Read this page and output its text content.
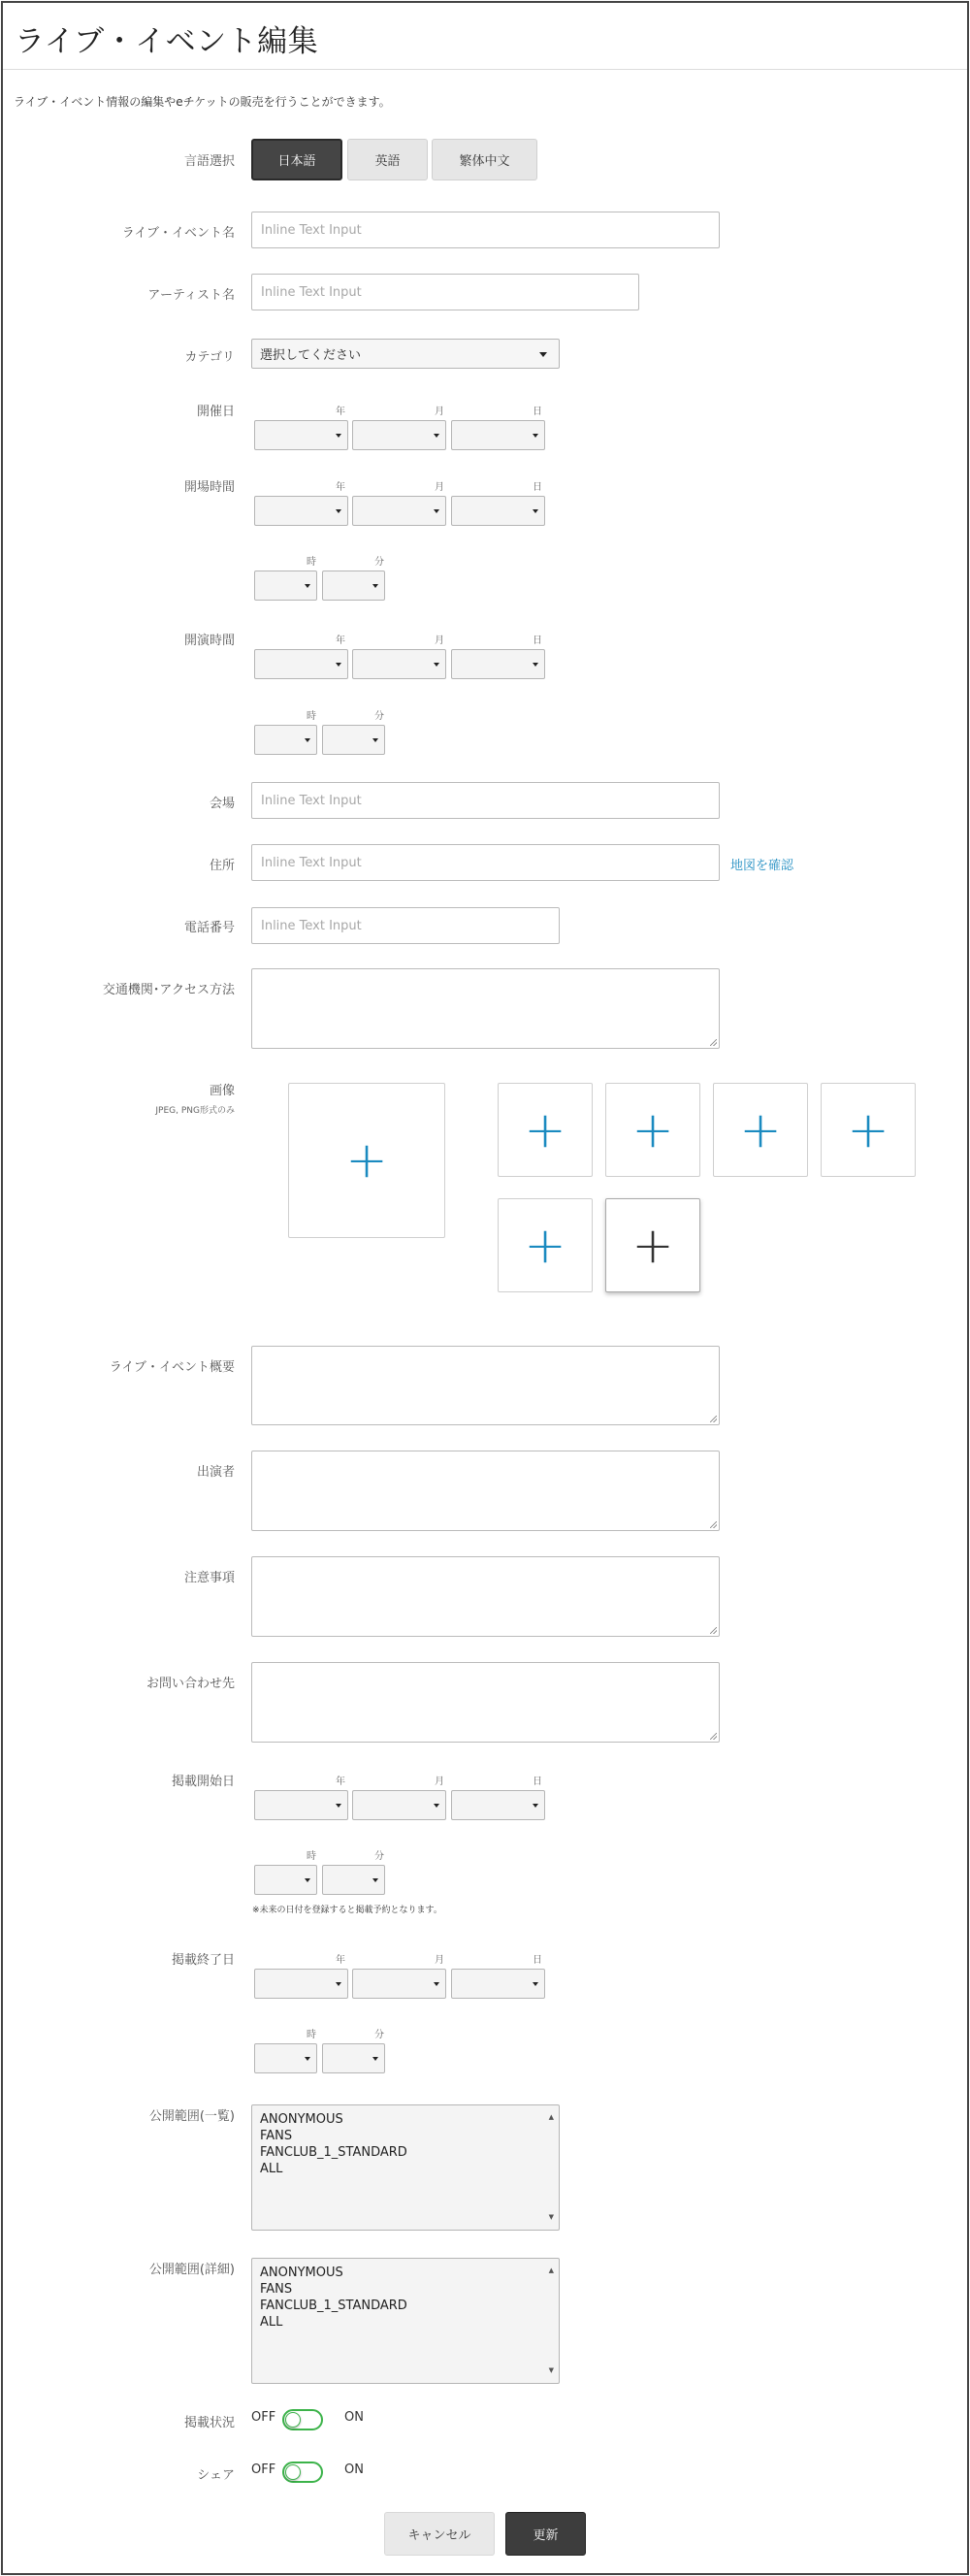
ライブ・イベント編集
ライブ・イベント情報の編集やeチケットの販売を行うことができます。
言語選択	日本語	英語	繁体中文
ライブ・イベント名	Inline Text Input
アーティスト名	Inline Text Input
カテゴリ	選択してください
開催日	年	月	日
開場時間	年	月	日
時	分
開演時間	年	月	日
時	分
会場	Inline Text Input
住所	Inline Text Input	地図を確認
電話番号	Inline Text Input
交通機関･アクセス方法
画像
JPEG, PNG形式のみ
+
+ + + +
+ +
ライブ・イベント概要
出演者
注意事項
お問い合わせ先
掲載開始日	年	月	日
時	分
※未来の日付を登録すると掲載予約となります。
掲載終了日	年	月	日
時	分
公開範囲(一覧) ANONYMOUS
FANS
FANCLUB_1_STANDARD
ALL
▲
▼
公開範囲(詳細) ANONYMOUS
FANS
FANCLUB_1_STANDARD
ALL
▲
▼
掲載状況 OFF	ON
シェア OFF	ON
キャンセル	更新
